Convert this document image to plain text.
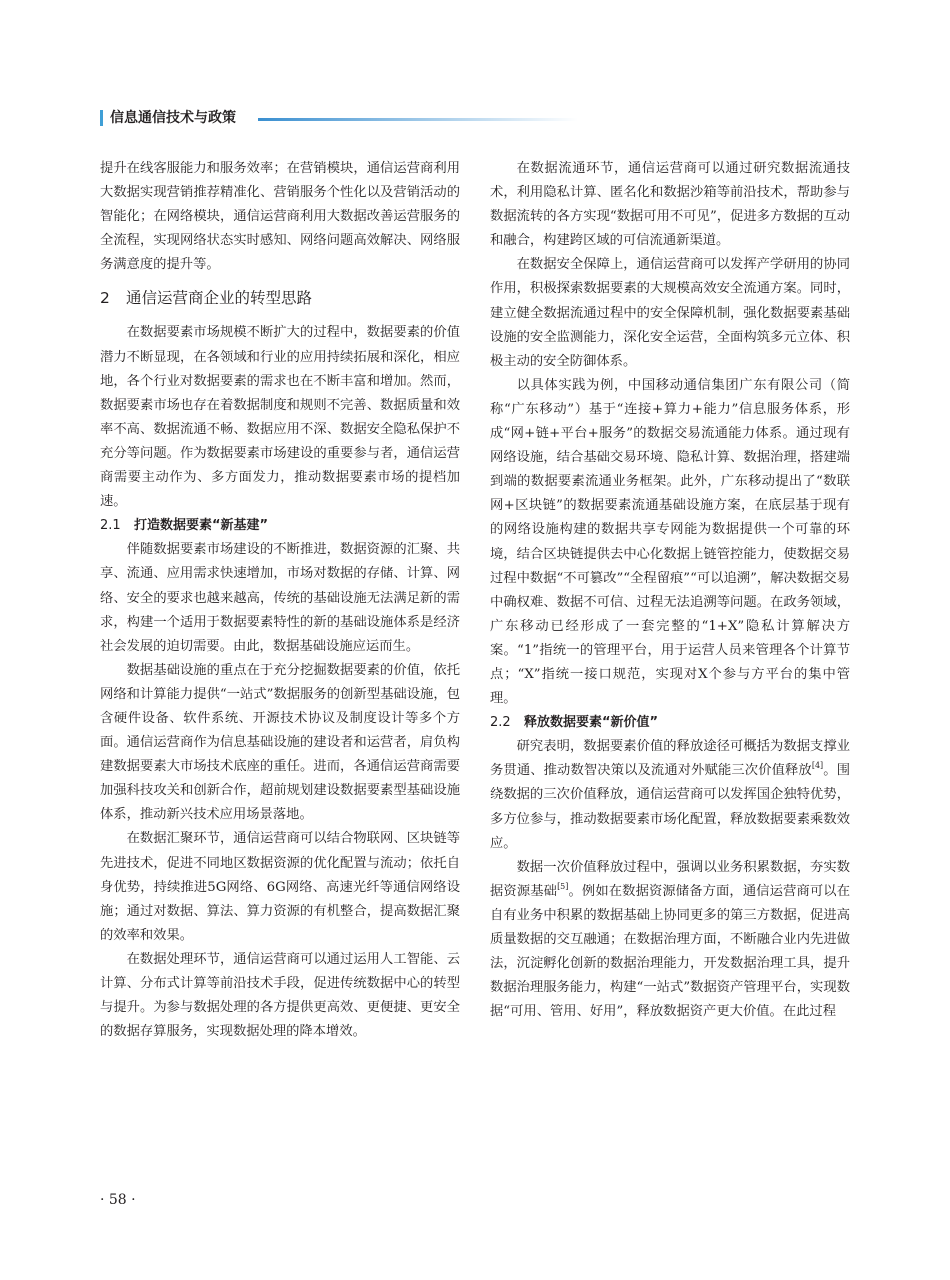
信息通信技术与政策

提升在线客服能力和服务效率；在营销模块，通信运营商利用大数据实现营销推荐精准化、营销服务个性化以及营销活动的智能化；在网络模块，通信运营商利用大数据改善运营服务的全流程，实现网络状态实时感知、网络问题高效解决、网络服务满意度的提升等。

2 通信运营商企业的转型思路

在数据要素市场规模不断扩大的过程中，数据要素的价值潜力不断显现，在各领域和行业的应用持续拓展和深化，相应地，各个行业对数据要素的需求也在不断丰富和增加。然而，数据要素市场也存在着数据制度和规则不完善、数据质量和效率不高、数据流通不畅、数据应用不深、数据安全隐私保护不充分等问题。作为数据要素市场建设的重要参与者，通信运营商需要主动作为、多方面发力，推动数据要素市场的提档加速。

2.1 打造数据要素“新基建”

伴随数据要素市场建设的不断推进，数据资源的汇聚、共享、流通、应用需求快速增加，市场对数据的存储、计算、网络、安全的要求也越来越高，传统的基础设施无法满足新的需求，构建一个适用于数据要素特性的新的基础设施体系是经济社会发展的迫切需要。由此，数据基础设施应运而生。

数据基础设施的重点在于充分挖掘数据要素的价值，依托网络和计算能力提供“一站式”数据服务的创新型基础设施，包含硬件设备、软件系统、开源技术协议及制度设计等多个方面。通信运营商作为信息基础设施的建设者和运营者，肩负构建数据要素大市场技术底座的重任。进而，各通信运营商需要加强科技攻关和创新合作，超前规划建设数据要素型基础设施体系，推动新兴技术应用场景落地。

在数据汇聚环节，通信运营商可以结合物联网、区块链等先进技术，促进不同地区数据资源的优化配置与流动；依托自身优势，持续推进5G网络、6G网络、高速光纤等通信网络设施；通过对数据、算法、算力资源的有机整合，提高数据汇聚的效率和效果。

在数据处理环节，通信运营商可以通过运用人工智能、云计算、分布式计算等前沿技术手段，促进传统数据中心的转型与提升。为参与数据处理的各方提供更高效、更便捷、更安全的数据存算服务，实现数据处理的降本增效。

在数据流通环节，通信运营商可以通过研究数据流通技术，利用隐私计算、匿名化和数据沙箱等前沿技术，帮助参与数据流转的各方实现“数据可用不可见”，促进多方数据的互动和融合，构建跨区域的可信流通新渠道。

在数据安全保障上，通信运营商可以发挥产学研用的协同作用，积极探索数据要素的大规模高效安全流通方案。同时，建立健全数据流通过程中的安全保障机制，强化数据要素基础设施的安全监测能力，深化安全运营，全面构筑多元立体、积极主动的安全防御体系。

以具体实践为例，中国移动通信集团广东有限公司（简称“广东移动”）基于“连接+算力+能力”信息服务体系，形成“网+链+平台+服务”的数据交易流通能力体系。通过现有网络设施，结合基础交易环境、隐私计算、数据治理，搭建端到端的数据要素流通业务框架。此外，广东移动提出了“数联网+区块链”的数据要素流通基础设施方案，在底层基于现有的网络设施构建的数据共享专网能为数据提供一个可靠的环境，结合区块链提供去中心化数据上链管控能力，使数据交易过程中数据“不可篡改”“全程留痕”“可以追溯”，解决数据交易中确权难、数据不可信、过程无法追溯等问题。在政务领域，广东移动已经形成了一套完整的“1+X”隐私计算解决方案。“1”指统一的管理平台，用于运营人员来管理各个计算节点；“X”指统一接口规范，实现对X个参与方平台的集中管理。

2.2 释放数据要素“新价值”

研究表明，数据要素价值的释放途径可概括为数据支撑业务贯通、推动数智决策以及流通对外赋能三次价值释放[4]。围绕数据的三次价值释放，通信运营商可以发挥国企独特优势，多方位参与，推动数据要素市场化配置，释放数据要素乘数效应。

数据一次价值释放过程中，强调以业务积累数据，夯实数据资源基础[5]。例如在数据资源储备方面，通信运营商可以在自有业务中积累的数据基础上协同更多的第三方数据，促进高质量数据的交互融通；在数据治理方面，不断融合业内先进做法，沉淀孵化创新的数据治理能力，开发数据治理工具，提升数据治理服务能力，构建“一站式”数据资产管理平台，实现数据“可用、管用、好用”，释放数据资产更大价值。在此过程

· 58 ·
